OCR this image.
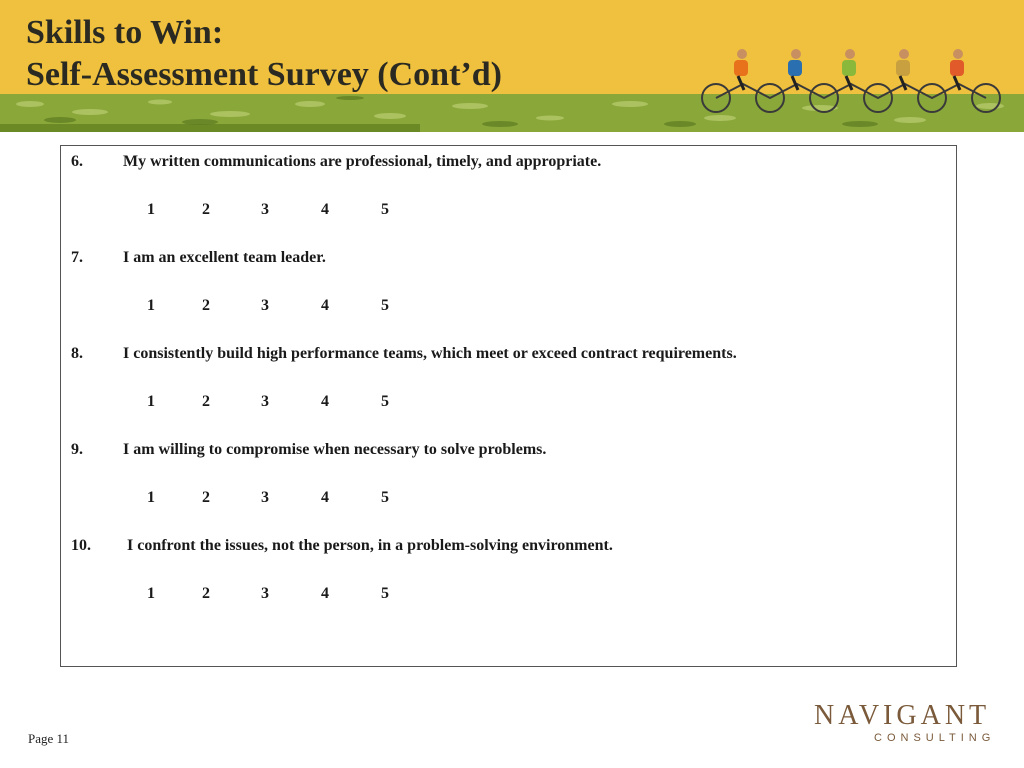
Skills to Win:
Self-Assessment Survey (Cont’d)
6.	My written communications are professional, timely, and appropriate.
1	2	3	4	5
7.	I am an excellent team leader.
1	2	3	4	5
8.	I consistently build high performance teams, which meet or exceed contract requirements.
1	2	3	4	5
9.	I am willing to compromise when necessary to solve problems.
1	2	3	4	5
10. I confront the issues, not the person, in a problem-solving environment.
1	2	3	4	5
Page 11
NAVIGANT
CONSULTING
